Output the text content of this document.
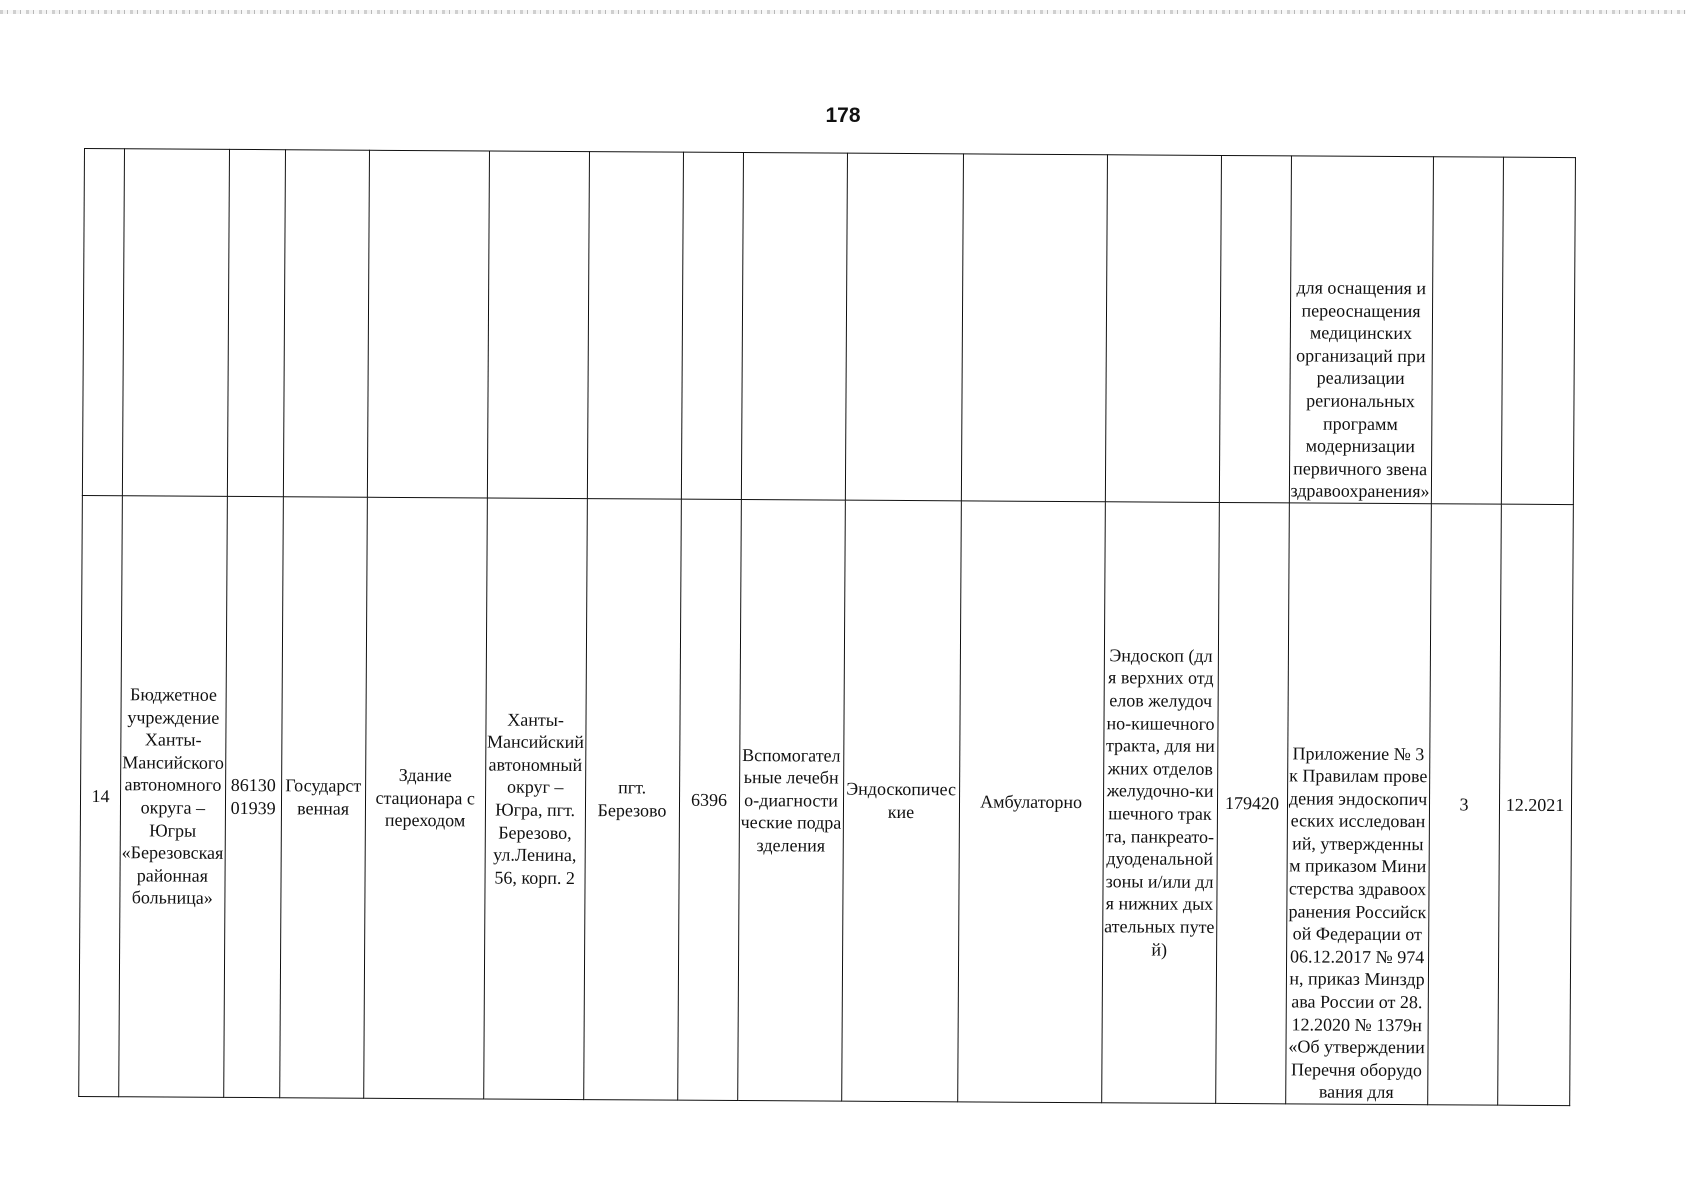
178
													для оснащения и переоснащения медицинских организаций при реализации региональных программ модернизации первичного звена здравоохранения»		
14	Бюджетное учреждение Ханты-Мансийского автономного округа – Югры «Березовская районная больница»	8613001939	Государственная	Здание стационара с переходом	Ханты-Мансийский автономный округ – Югра, пгт. Березово, ул.Ленина, 56, корп. 2	пгт. Березово	6396	Вспомогательные лечебно-диагностические подразделения	Эндоскопические	Амбулаторно	Эндоскоп (для верхних отделов желудочно-кишечного тракта, для нижних отделов желудочно-кишечного тракта, панкреато-дуоденальной зоны и/или для нижних дыхательных путей)	179420	Приложение № 3 к Правилам проведения эндоскопических исследований, утвержденным приказом Министерства здравоохранения Российской Федерации от 06.12.2017 № 974н, приказ Минздрава России от 28.12.2020 № 1379н «Об утверждении Перечня оборудования для	3	12.2021
